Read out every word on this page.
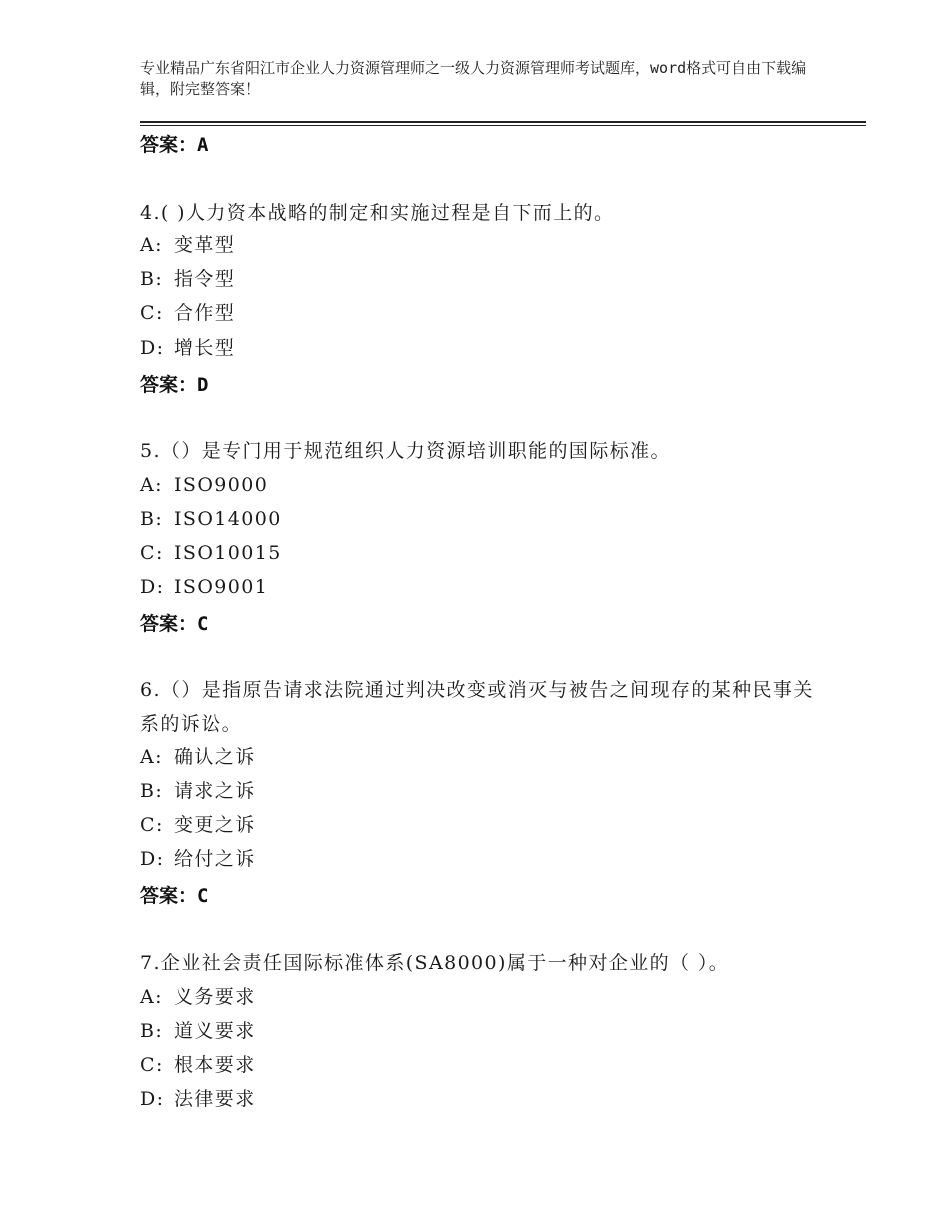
专业精品广东省阳江市企业人力资源管理师之一级人力资源管理师考试题库，word格式可自由下载编辑，附完整答案！
答案：A
4.( )人力资本战略的制定和实施过程是自下而上的。
A: 变革型
B: 指令型
C: 合作型
D: 增长型
答案：D
5.（）是专门用于规范组织人力资源培训职能的国际标准。
A: ISO9000
B: ISO14000
C: ISO10015
D: ISO9001
答案：C
6.（）是指原告请求法院通过判决改变或消灭与被告之间现存的某种民事关系的诉讼。
A: 确认之诉
B: 请求之诉
C: 变更之诉
D: 给付之诉
答案：C
7.企业社会责任国际标准体系(SA8000)属于一种对企业的（ ）。
A: 义务要求
B: 道义要求
C: 根本要求
D: 法律要求
